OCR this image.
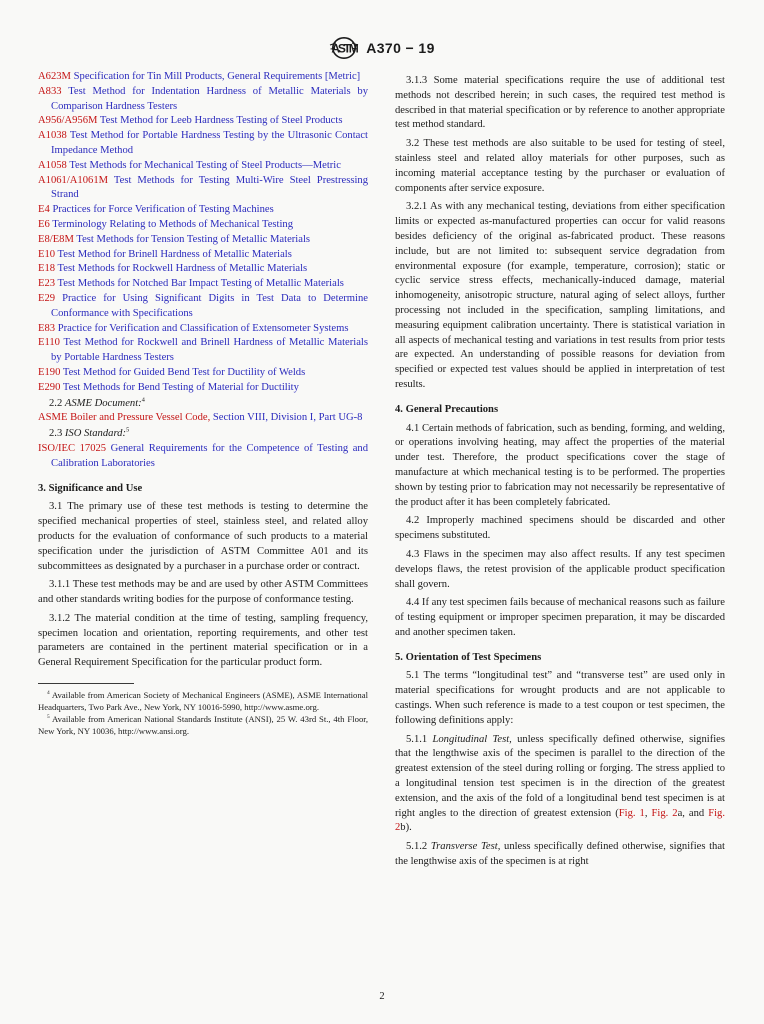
ASTM A370 − 19
A623M Specification for Tin Mill Products, General Requirements [Metric]
A833 Test Method for Indentation Hardness of Metallic Materials by Comparison Hardness Testers
A956/A956M Test Method for Leeb Hardness Testing of Steel Products
A1038 Test Method for Portable Hardness Testing by the Ultrasonic Contact Impedance Method
A1058 Test Methods for Mechanical Testing of Steel Products—Metric
A1061/A1061M Test Methods for Testing Multi-Wire Steel Prestressing Strand
E4 Practices for Force Verification of Testing Machines
E6 Terminology Relating to Methods of Mechanical Testing
E8/E8M Test Methods for Tension Testing of Metallic Materials
E10 Test Method for Brinell Hardness of Metallic Materials
E18 Test Methods for Rockwell Hardness of Metallic Materials
E23 Test Methods for Notched Bar Impact Testing of Metallic Materials
E29 Practice for Using Significant Digits in Test Data to Determine Conformance with Specifications
E83 Practice for Verification and Classification of Extensometer Systems
E110 Test Method for Rockwell and Brinell Hardness of Metallic Materials by Portable Hardness Testers
E190 Test Method for Guided Bend Test for Ductility of Welds
E290 Test Methods for Bend Testing of Material for Ductility
2.2 ASME Document:$^4$
ASME Boiler and Pressure Vessel Code, Section VIII, Division I, Part UG-8
2.3 ISO Standard:$^5$
ISO/IEC 17025 General Requirements for the Competence of Testing and Calibration Laboratories
3. Significance and Use
3.1 The primary use of these test methods is testing to determine the specified mechanical properties of steel, stainless steel, and related alloy products for the evaluation of conformance of such products to a material specification under the jurisdiction of ASTM Committee A01 and its subcommittees as designated by a purchaser in a purchase order or contract.
3.1.1 These test methods may be and are used by other ASTM Committees and other standards writing bodies for the purpose of conformance testing.
3.1.2 The material condition at the time of testing, sampling frequency, specimen location and orientation, reporting requirements, and other test parameters are contained in the pertinent material specification or in a General Requirement Specification for the particular product form.
$^4$ Available from American Society of Mechanical Engineers (ASME), ASME International Headquarters, Two Park Ave., New York, NY 10016-5990, http://www.asme.org.
$^5$ Available from American National Standards Institute (ANSI), 25 W. 43rd St., 4th Floor, New York, NY 10036, http://www.ansi.org.
3.1.3 Some material specifications require the use of additional test methods not described herein; in such cases, the required test method is described in that material specification or by reference to another appropriate test method standard.
3.2 These test methods are also suitable to be used for testing of steel, stainless steel and related alloy materials for other purposes, such as incoming material acceptance testing by the purchaser or evaluation of components after service exposure.
3.2.1 As with any mechanical testing, deviations from either specification limits or expected as-manufactured properties can occur for valid reasons besides deficiency of the original as-fabricated product. These reasons include, but are not limited to: subsequent service degradation from environmental exposure (for example, temperature, corrosion); static or cyclic service stress effects, mechanically-induced damage, material inhomogeneity, anisotropic structure, natural aging of select alloys, further processing not included in the specification, sampling limitations, and measuring equipment calibration uncertainty. There is statistical variation in all aspects of mechanical testing and variations in test results from prior tests are expected. An understanding of possible reasons for deviation from specified or expected test values should be applied in interpretation of test results.
4. General Precautions
4.1 Certain methods of fabrication, such as bending, forming, and welding, or operations involving heating, may affect the properties of the material under test. Therefore, the product specifications cover the stage of manufacture at which mechanical testing is to be performed. The properties shown by testing prior to fabrication may not necessarily be representative of the product after it has been completely fabricated.
4.2 Improperly machined specimens should be discarded and other specimens substituted.
4.3 Flaws in the specimen may also affect results. If any test specimen develops flaws, the retest provision of the applicable product specification shall govern.
4.4 If any test specimen fails because of mechanical reasons such as failure of testing equipment or improper specimen preparation, it may be discarded and another specimen taken.
5. Orientation of Test Specimens
5.1 The terms “longitudinal test” and “transverse test” are used only in material specifications for wrought products and are not applicable to castings. When such reference is made to a test coupon or test specimen, the following definitions apply:
5.1.1 Longitudinal Test, unless specifically defined otherwise, signifies that the lengthwise axis of the specimen is parallel to the direction of the greatest extension of the steel during rolling or forging. The stress applied to a longitudinal tension test specimen is in the direction of the greatest extension, and the axis of the fold of a longitudinal bend test specimen is at right angles to the direction of greatest extension (Fig. 1, Fig. 2a, and Fig. 2b).
5.1.2 Transverse Test, unless specifically defined otherwise, signifies that the lengthwise axis of the specimen is at right
2
